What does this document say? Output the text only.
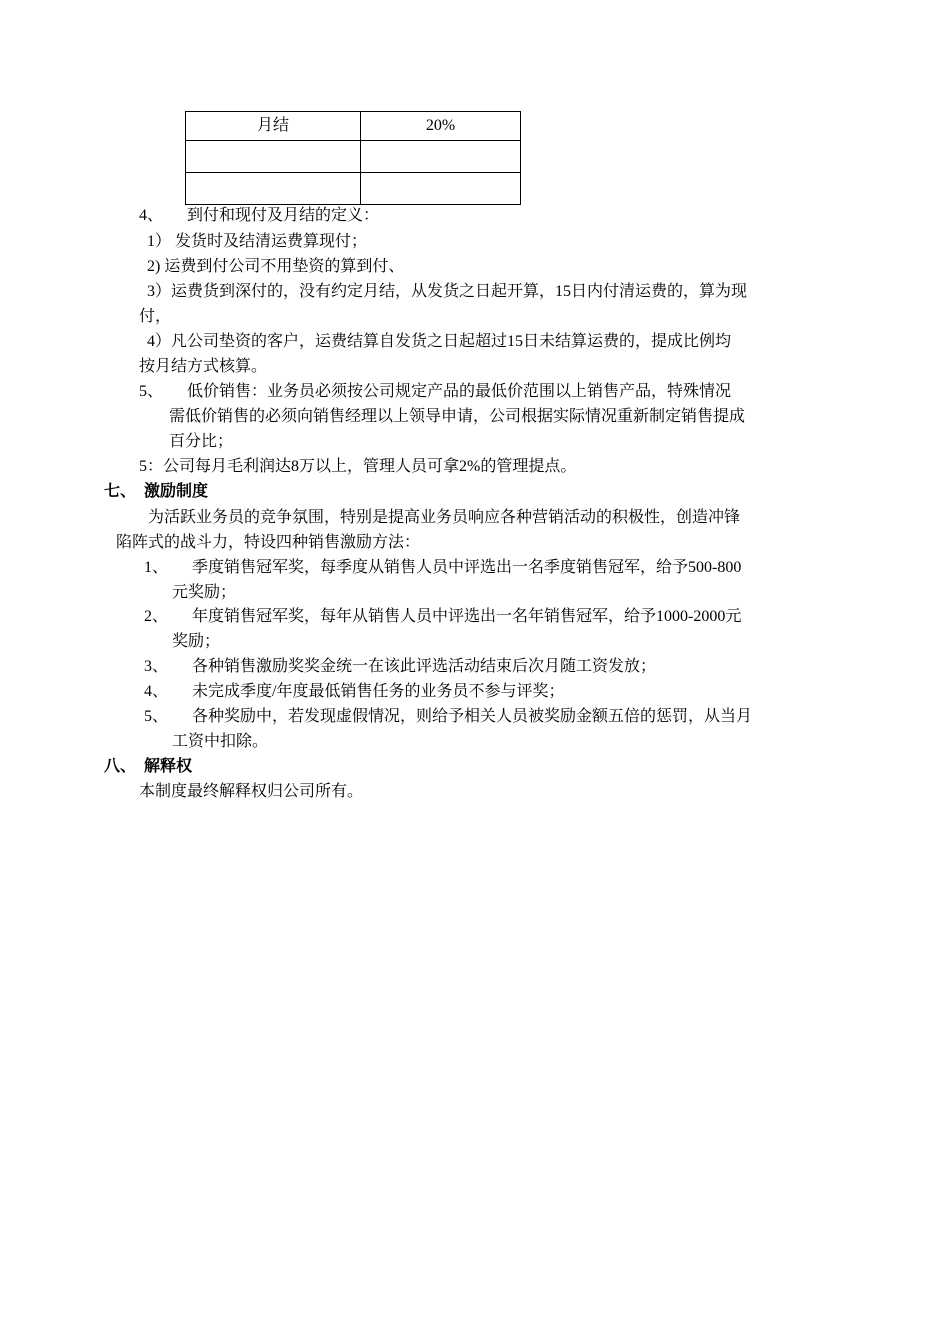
月结	20%

4、　　到付和现付及月结的定义：
1） 发货时及结清运费算现付；
2) 运费到付公司不用垫资的算到付、
3）运费货到深付的，没有约定月结，从发货之日起开算，15日内付清运费的，算为现
付，
4）凡公司垫资的客户，运费结算自发货之日起超过15日未结算运费的，提成比例均
按月结方式核算。
5、　　低价销售：业务员必须按公司规定产品的最低价范围以上销售产品，特殊情况
需低价销售的必须向销售经理以上领导申请，公司根据实际情况重新制定销售提成
百分比；
5：公司每月毛利润达8万以上，管理人员可拿2%的管理提点。
七、　激励制度
为活跃业务员的竞争氛围，特别是提高业务员响应各种营销活动的积极性，创造冲锋
陷阵式的战斗力，特设四种销售激励方法：
1、　　季度销售冠军奖，每季度从销售人员中评选出一名季度销售冠军，给予500-800
元奖励；
2、　　年度销售冠军奖，每年从销售人员中评选出一名年销售冠军，给予1000-2000元
奖励；
3、　　各种销售激励奖奖金统一在该此评选活动结束后次月随工资发放；
4、　　未完成季度/年度最低销售任务的业务员不参与评奖；
5、　　各种奖励中，若发现虚假情况，则给予相关人员被奖励金额五倍的惩罚，从当月
工资中扣除。
八、　解释权
本制度最终解释权归公司所有。
